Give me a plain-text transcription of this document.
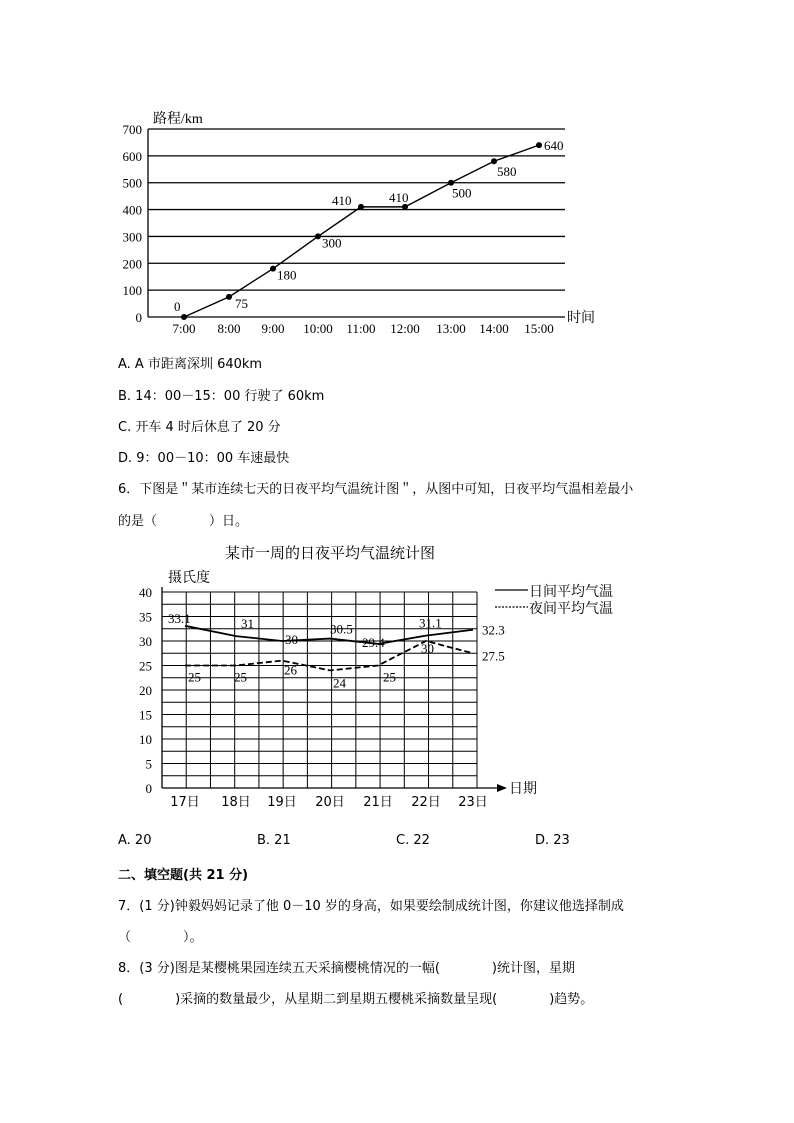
路程/km
0
100
200
300
400
500
600
700
7:00 8:00 9:00 10:00 11:00 12:00 13:00 14:00 15:00
时间
0	75
180
300
410	410	500
580
640
A. A 市距离深圳 640km
B. 14：00－15：00 行驶了 60km
C. 开车 4 时后休息了 20 分
D. 9：00－10：00 车速最快
6．下图是＂某市连续七天的日夜平均气温统计图＂，从图中可知，日夜平均气温相差最小
的是（　　　　）日。
某市一周的日夜平均气温统计图
摄氏度
0
5
10
15
20
25
30
35
40
日期
17日 18日 19日 20日 21日 22日 23日
33.1	31
30
30.5
29.4
31.1	32.3
25	25	26
24	25
30	27.5
日间平均气温
夜间平均气温
A. 20	B. 21	C. 22	D. 23
二、填空题(共 21 分)
7．(1 分)钟毅妈妈记录了他 0－10 岁的身高，如果要绘制成统计图，你建议他选择制成
（　　　　）。
8．(3 分)图是某樱桃果园连续五天采摘樱桃情况的一幅(　　　　)统计图，星期
(　　　　)采摘的数量最少，从星期二到星期五樱桃采摘数量呈现(　　　　)趋势。
